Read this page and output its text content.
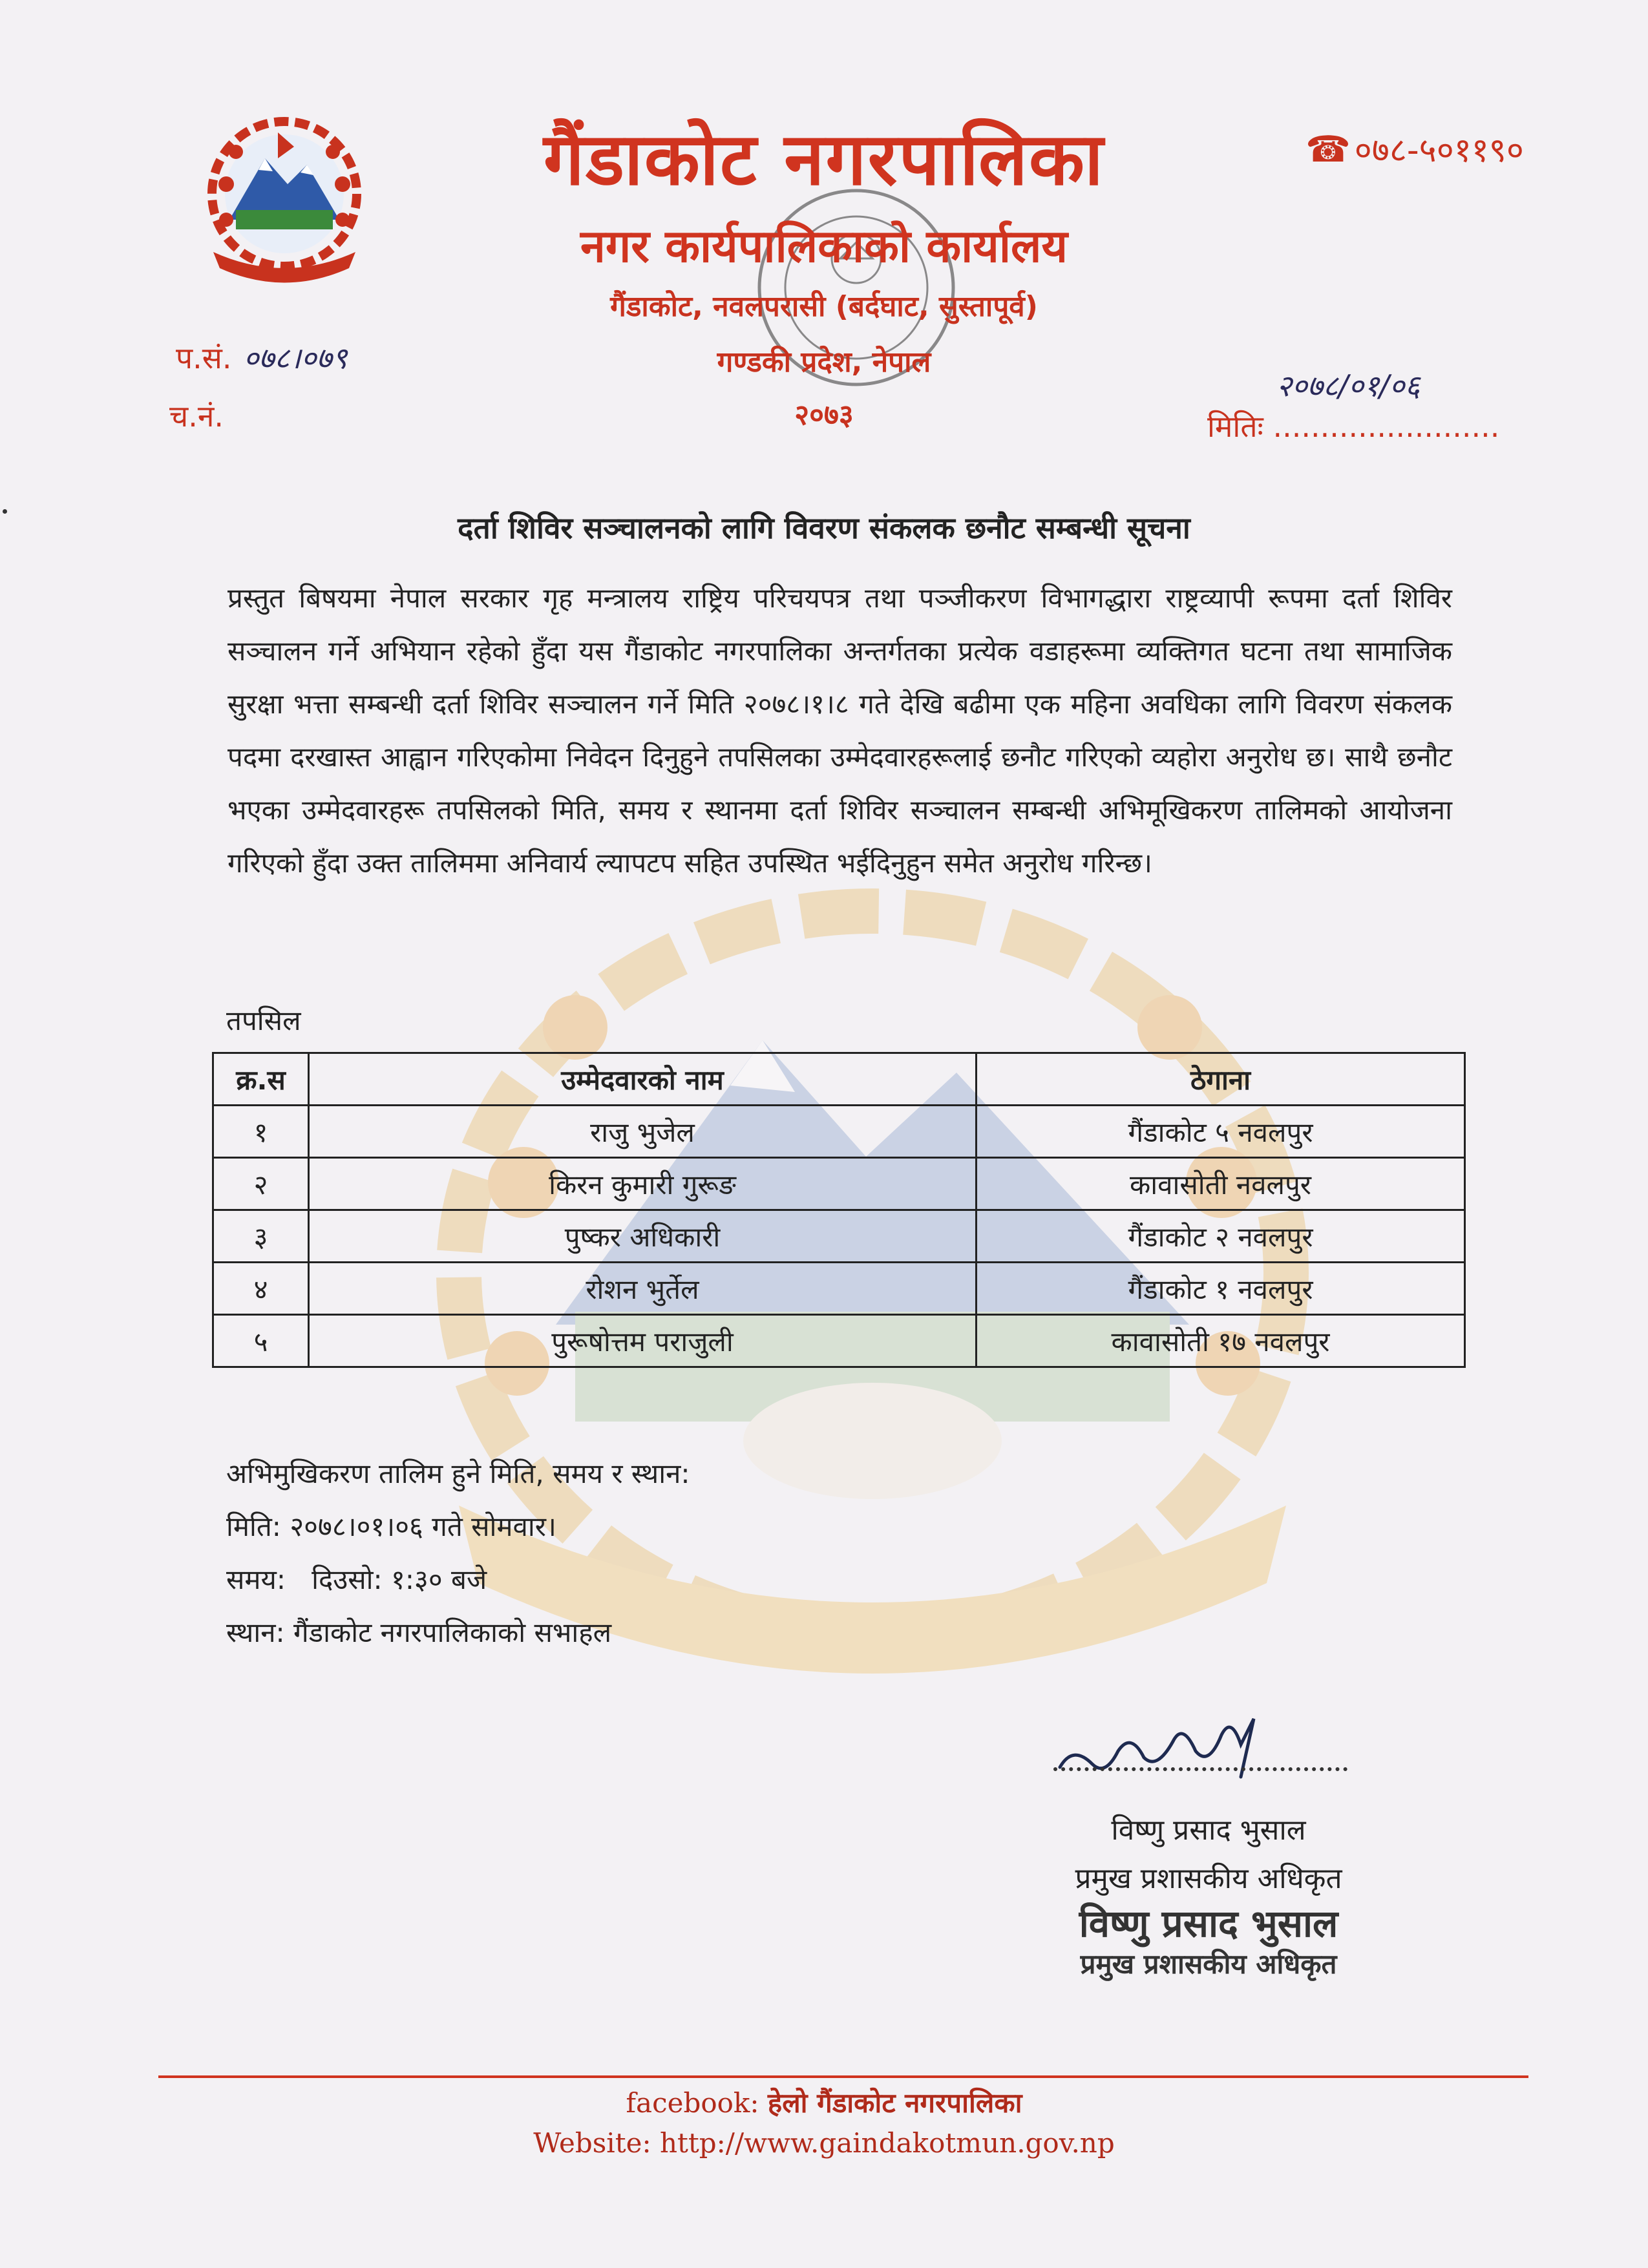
गैंडाकोट नगरपालिका
नगर कार्यपालिकाको कार्यालय
गैंडाकोट, नवलपरासी (बर्दघाट, सुस्तापूर्व)
गण्डकी प्रदेश, नेपाल
२०७३
☎ ०७८-५०११९०
प.सं. ०७८।०७९
च.नं.
२०७८/०१/०६
मितिः ........................
दर्ता शिविर सञ्चालनको लागि विवरण संकलक छनौट सम्बन्धी सूचना
प्रस्तुत बिषयमा नेपाल सरकार गृह मन्त्रालय राष्ट्रिय परिचयपत्र तथा पञ्जीकरण विभागद्धारा राष्ट्रव्यापी रूपमा दर्ता शिविर सञ्चालन गर्ने अभियान रहेको हुँदा यस गैंडाकोट नगरपालिका अन्तर्गतका प्रत्येक वडाहरूमा व्यक्तिगत घटना तथा सामाजिक सुरक्षा भत्ता सम्बन्धी दर्ता शिविर सञ्चालन गर्ने मिति २०७८।१।८ गते देखि बढीमा एक महिना अवधिका लागि विवरण संकलक पदमा दरखास्त आह्वान गरिएकोमा निवेदन दिनुहुने तपसिलका उम्मेदवारहरूलाई छनौट गरिएको व्यहोरा अनुरोध छ। साथै छनौट भएका उम्मेदवारहरू तपसिलको मिति, समय र स्थानमा दर्ता शिविर सञ्चालन सम्बन्धी अभिमूखिकरण तालिमको आयोजना गरिएको हुँदा उक्त तालिममा अनिवार्य ल्यापटप सहित उपस्थित भईदिनुहुन समेत अनुरोध गरिन्छ।
तपसिल
क्र.स	उम्मेदवारको नाम	ठेगाना
१	राजु भुजेल	गैंडाकोट ५ नवलपुर
२	किरन कुमारी गुरूङ	कावासोती नवलपुर
३	पुष्कर अधिकारी	गैंडाकोट २ नवलपुर
४	रोशन भुर्तेल	गैंडाकोट १ नवलपुर
५	पुरूषोत्तम पराजुली	कावासोती १७ नवलपुर
अभिमुखिकरण तालिम हुने मिति, समय र स्थान:
मिति: २०७८।०१।०६ गते सोमवार।
समय:   दिउसो: १:३० बजे
स्थान: गैंडाकोट नगरपालिकाको सभाहल
विष्णु प्रसाद भुसाल
प्रमुख प्रशासकीय अधिकृत
विष्णु प्रसाद भुसाल
प्रमुख प्रशासकीय अधिकृत
facebook: हेलो गैंडाकोट नगरपालिका
Website: http://www.gaindakotmun.gov.np
